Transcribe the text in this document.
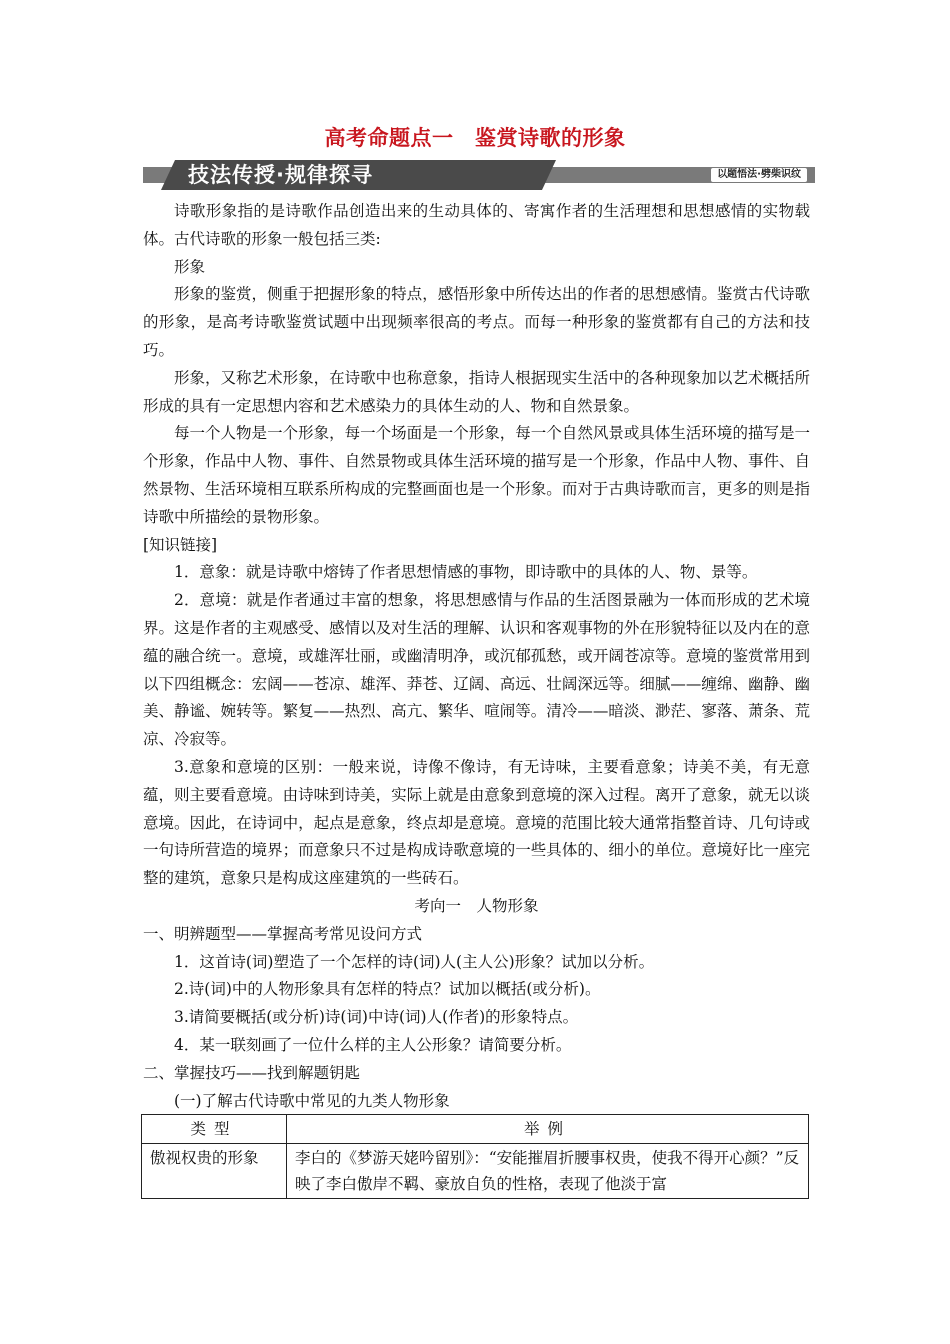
高考命题点一　鉴赏诗歌的形象
技法传授·规律探寻	以题悟法·劈柴识纹

诗歌形象指的是诗歌作品创造出来的生动具体的、寄寓作者的生活理想和思想感情的实物载体。古代诗歌的形象一般包括三类:

形象

形象的鉴赏，侧重于把握形象的特点，感悟形象中所传达出的作者的思想感情。鉴赏古代诗歌的形象，是高考诗歌鉴赏试题中出现频率很高的考点。而每一种形象的鉴赏都有自己的方法和技巧。

形象，又称艺术形象，在诗歌中也称意象，指诗人根据现实生活中的各种现象加以艺术概括所形成的具有一定思想内容和艺术感染力的具体生动的人、物和自然景象。

每一个人物是一个形象，每一个场面是一个形象，每一个自然风景或具体生活环境的描写是一个形象，作品中人物、事件、自然景物或具体生活环境的描写是一个形象，作品中人物、事件、自然景物、生活环境相互联系所构成的完整画面也是一个形象。而对于古典诗歌而言，更多的则是指诗歌中所描绘的景物形象。

[知识链接]

1．意象：就是诗歌中熔铸了作者思想情感的事物，即诗歌中的具体的人、物、景等。

2．意境：就是作者通过丰富的想象，将思想感情与作品的生活图景融为一体而形成的艺术境界。这是作者的主观感受、感情以及对生活的理解、认识和客观事物的外在形貌特征以及内在的意蕴的融合统一。意境，或雄浑壮丽，或幽清明净，或沉郁孤愁，或开阔苍凉等。意境的鉴赏常用到以下四组概念：宏阔——苍凉、雄浑、莽苍、辽阔、高远、壮阔深远等。细腻——缠绵、幽静、幽美、静谧、婉转等。繁复——热烈、高亢、繁华、喧闹等。清冷——暗淡、渺茫、寥落、萧条、荒凉、冷寂等。

3.意象和意境的区别：一般来说，诗像不像诗，有无诗味，主要看意象；诗美不美，有无意蕴，则主要看意境。由诗味到诗美，实际上就是由意象到意境的深入过程。离开了意象，就无以谈意境。因此，在诗词中，起点是意象，终点却是意境。意境的范围比较大通常指整首诗、几句诗或一句诗所营造的境界；而意象只不过是构成诗歌意境的一些具体的、细小的单位。意境好比一座完整的建筑，意象只是构成这座建筑的一些砖石。

考向一　人物形象

一、明辨题型——掌握高考常见设问方式

1．这首诗(词)塑造了一个怎样的诗(词)人(主人公)形象？试加以分析。

2.诗(词)中的人物形象具有怎样的特点？试加以概括(或分析)。

3.请简要概括(或分析)诗(词)中诗(词)人(作者)的形象特点。

4．某一联刻画了一位什么样的主人公形象？请简要分析。

二、掌握技巧——找到解题钥匙

(一)了解古代诗歌中常见的九类人物形象

类型	举例
傲视权贵的形象	李白的《梦游天姥吟留别》：“安能摧眉折腰事权贵，使我不得开心颜？”反映了李白傲岸不羁、豪放自负的性格，表现了他淡于富
